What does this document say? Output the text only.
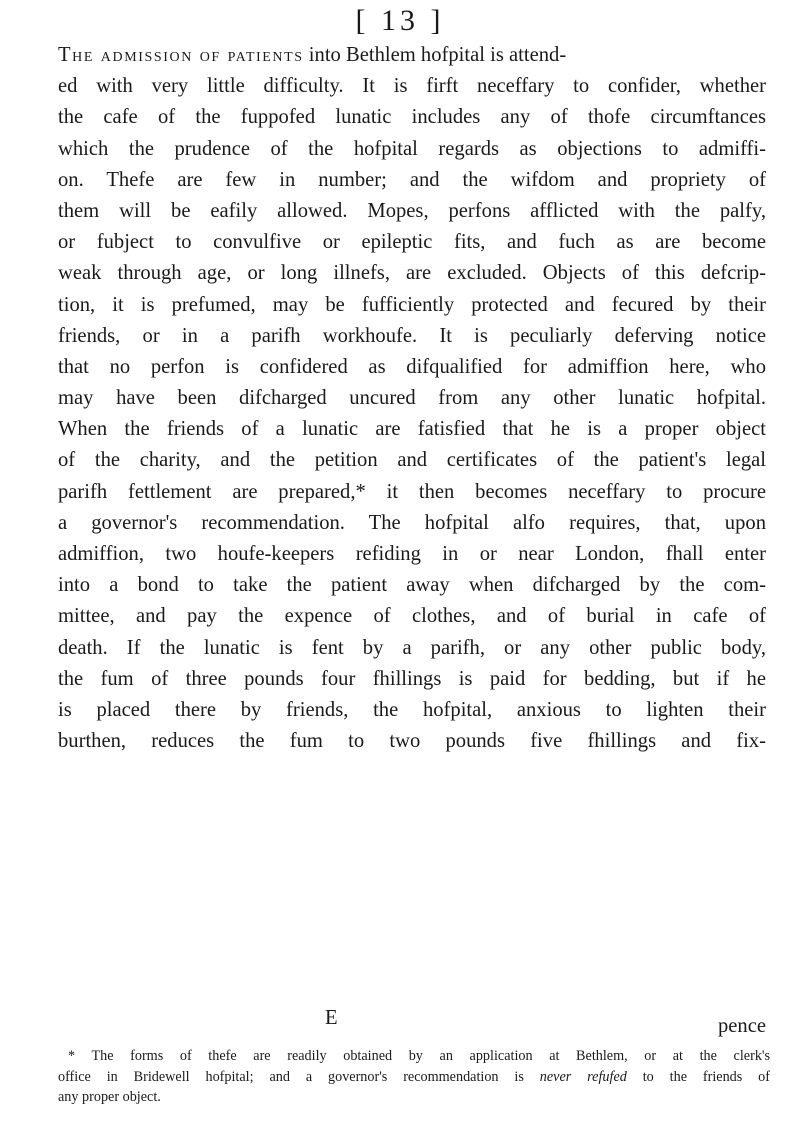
[ 13 ]
The admission of patients into Bethlem hofpital is attend-
ed with very little difficulty. It is firft neceffary to confider, whether
the cafe of the fuppofed lunatic includes any of thofe circumftances
which the prudence of the hofpital regards as objections to admiffi-
on. Thefe are few in number; and the wifdom and propriety of
them will be eafily allowed. Mopes, perfons afflicted with the palfy,
or fubject to convulfive or epileptic fits, and fuch as are become
weak through age, or long illnefs, are excluded. Objects of this defcrip-
tion, it is prefumed, may be fufficiently protected and fecured by their
friends, or in a parifh workhoufe. It is peculiarly deferving notice
that no perfon is confidered as difqualified for admiffion here, who
may have been difcharged uncured from any other lunatic hofpital.
When the friends of a lunatic are fatisfied that he is a proper object
of the charity, and the petition and certificates of the patient's legal
parifh fettlement are prepared,* it then becomes neceffary to procure
a governor's recommendation. The hofpital alfo requires, that, upon
admiffion, two houfe-keepers refiding in or near London, fhall enter
into a bond to take the patient away when difcharged by the com-
mittee, and pay the expence of clothes, and of burial in cafe of
death. If the lunatic is fent by a parifh, or any other public body,
the fum of three pounds four fhillings is paid for bedding, but if he
is placed there by friends, the hofpital, anxious to lighten their
burthen, reduces the fum to two pounds five fhillings and fix-
E	pence
* The forms of thefe are readily obtained by an application at Bethlem, or at the clerk's
office in Bridewell hofpital; and a governor's recommendation is never refufed to the friends of
any proper object.
